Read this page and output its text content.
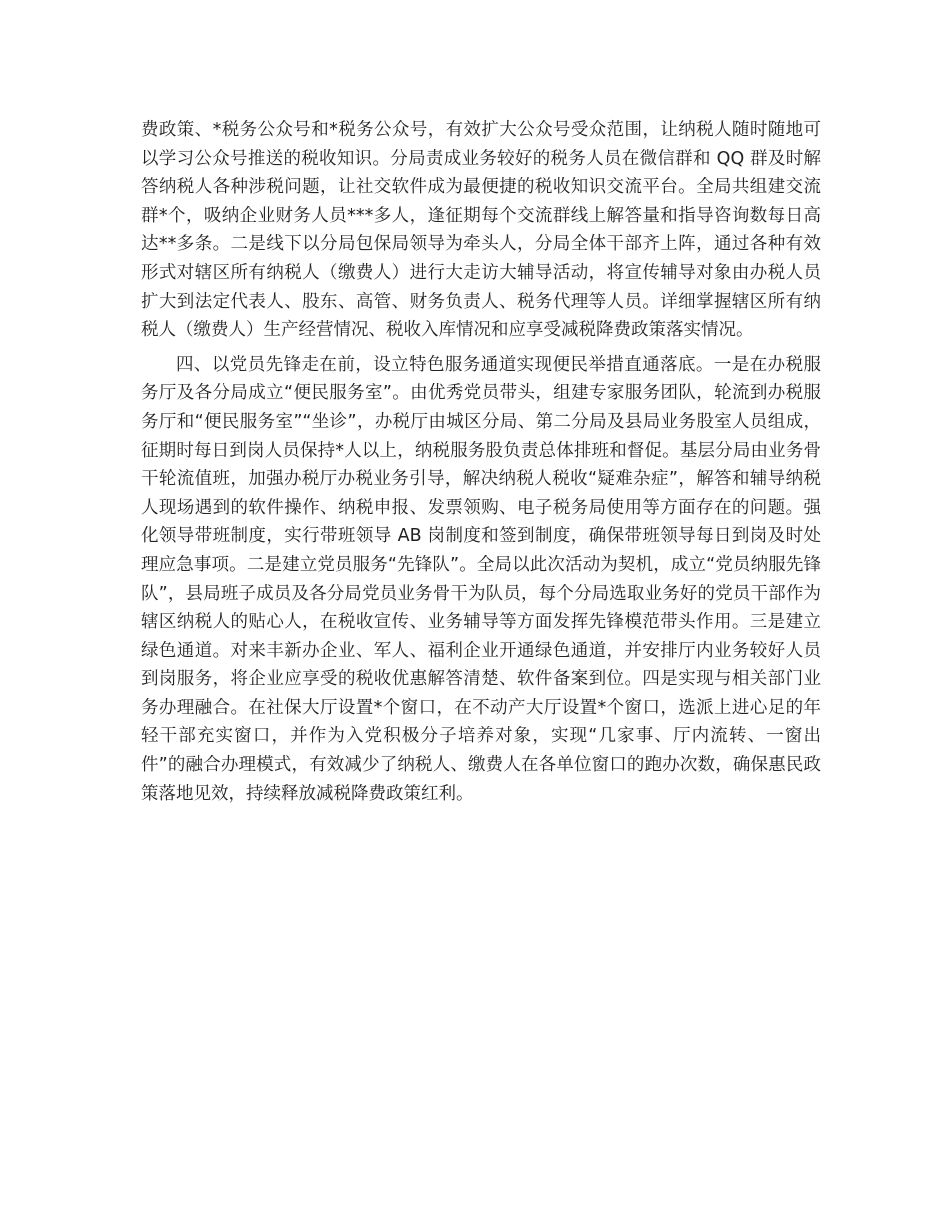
费政策、*税务公众号和*税务公众号，有效扩大公众号受众范围，让纳税人随时随地可以学习公众号推送的税收知识。分局责成业务较好的税务人员在微信群和 QQ 群及时解答纳税人各种涉税问题，让社交软件成为最便捷的税收知识交流平台。全局共组建交流群*个，吸纳企业财务人员***多人，逢征期每个交流群线上解答量和指导咨询数每日高达**多条。二是线下以分局包保局领导为牵头人，分局全体干部齐上阵，通过各种有效形式对辖区所有纳税人（缴费人）进行大走访大辅导活动，将宣传辅导对象由办税人员扩大到法定代表人、股东、高管、财务负责人、税务代理等人员。详细掌握辖区所有纳税人（缴费人）生产经营情况、税收入库情况和应享受减税降费政策落实情况。

四、以党员先锋走在前，设立特色服务通道实现便民举措直通落底。一是在办税服务厅及各分局成立“便民服务室”。由优秀党员带头，组建专家服务团队，轮流到办税服务厅和“便民服务室”“坐诊”，办税厅由城区分局、第二分局及县局业务股室人员组成，征期时每日到岗人员保持*人以上，纳税服务股负责总体排班和督促。基层分局由业务骨干轮流值班，加强办税厅办税业务引导，解决纳税人税收“疑难杂症”，解答和辅导纳税人现场遇到的软件操作、纳税申报、发票领购、电子税务局使用等方面存在的问题。强化领导带班制度，实行带班领导 AB 岗制度和签到制度，确保带班领导每日到岗及时处理应急事项。二是建立党员服务“先锋队”。全局以此次活动为契机，成立“党员纳服先锋队”，县局班子成员及各分局党员业务骨干为队员，每个分局选取业务好的党员干部作为辖区纳税人的贴心人，在税收宣传、业务辅导等方面发挥先锋模范带头作用。三是建立绿色通道。对来丰新办企业、军人、福利企业开通绿色通道，并安排厅内业务较好人员到岗服务，将企业应享受的税收优惠解答清楚、软件备案到位。四是实现与相关部门业务办理融合。在社保大厅设置*个窗口，在不动产大厅设置*个窗口，选派上进心足的年轻干部充实窗口，并作为入党积极分子培养对象，实现“几家事、厅内流转、一窗出件”的融合办理模式，有效减少了纳税人、缴费人在各单位窗口的跑办次数，确保惠民政策落地见效，持续释放减税降费政策红利。
